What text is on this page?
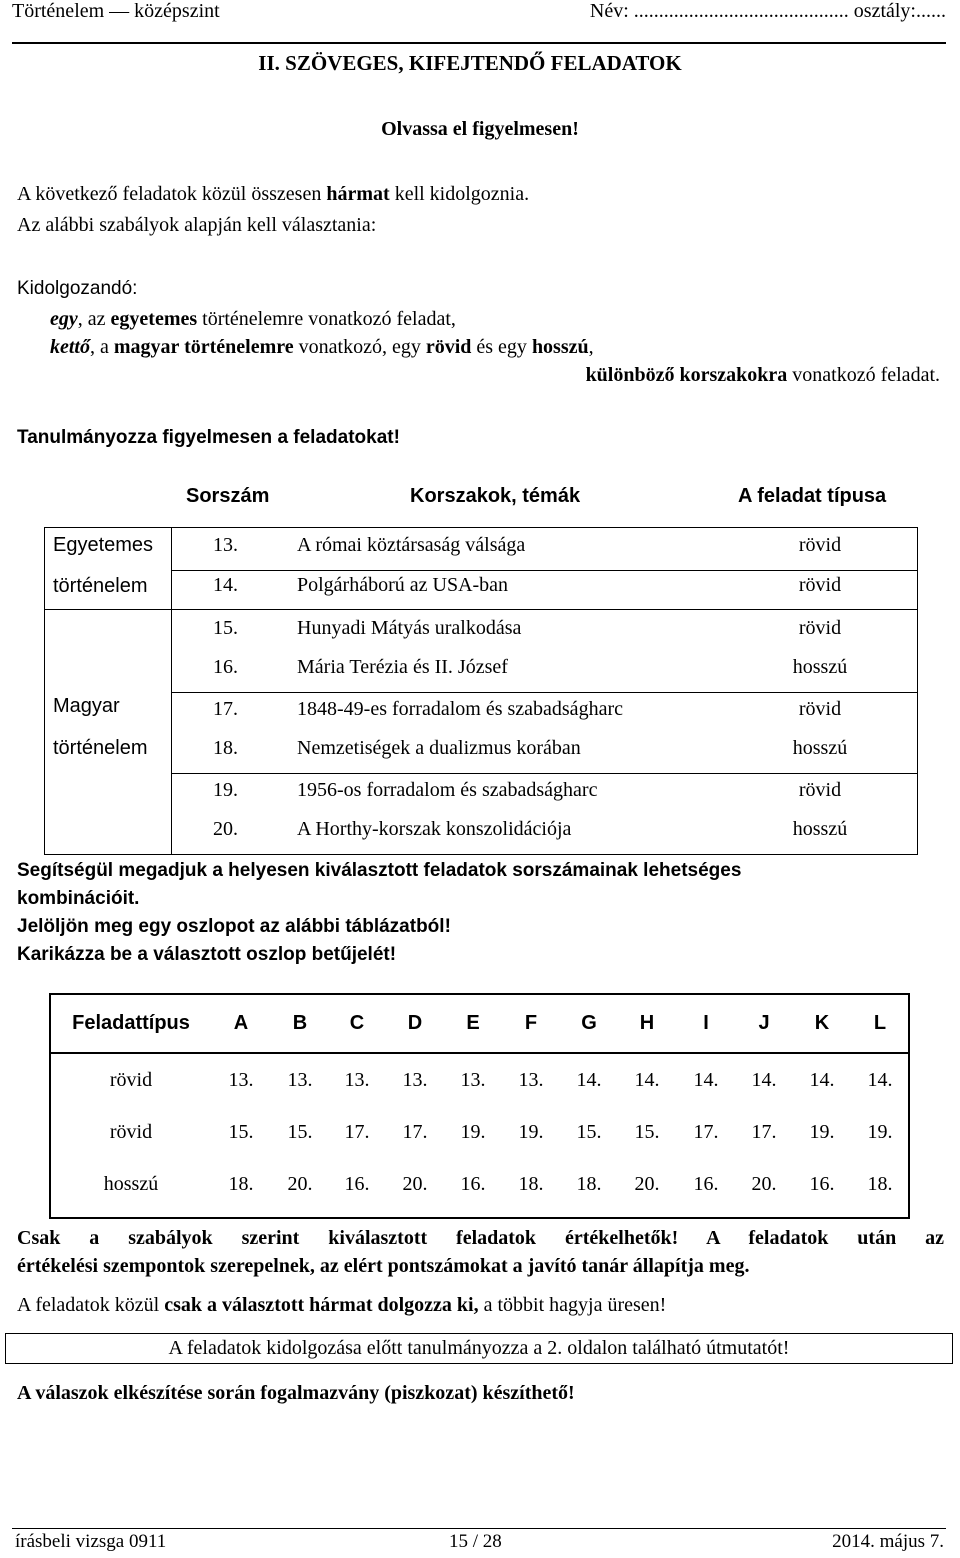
Történelem — középszint	Név: ........................................... osztály:......
II. SZÖVEGES, KIFEJTENDŐ FELADATOK
Olvassa el figyelmesen!
A következő feladatok közül összesen hármat kell kidolgoznia.
Az alábbi szabályok alapján kell választania:
Kidolgozandó:
egy, az egyetemes történelemre vonatkozó feladat,
kettő, a magyar történelemre vonatkozó, egy rövid és egy hosszú,
különböző korszakokra vonatkozó feladat.
Tanulmányozza figyelmesen a feladatokat!
Sorszám	Korszakok, témák	A feladat típusa
Egyetemes
történelem
Magyar
történelem
13.	A római köztársaság válsága	rövid
14.	Polgárháború az USA-ban	rövid
15.	Hunyadi Mátyás uralkodása	rövid
16.	Mária Terézia és II. József	hosszú
17.	1848-49-es forradalom és szabadságharc	rövid
18.	Nemzetiségek a dualizmus korában	hosszú
19.	1956-os forradalom és szabadságharc	rövid
20.	A Horthy-korszak konszolidációja	hosszú
Segítségül megadjuk a helyesen kiválasztott feladatok sorszámainak lehetséges
kombinációit.
Jelöljön meg egy oszlopot az alábbi táblázatból!
Karikázza be a választott oszlop betűjelét!
Feladattípus A B C D E F G H I J K L
rövid	13. 13. 13. 13. 13. 13. 14. 14. 14. 14. 14. 14.
rövid	15. 15. 17. 17. 19. 19. 15. 15. 17. 17. 19. 19.
hosszú	18. 20. 16. 20. 16. 18. 18. 20. 16. 20. 16. 18.
Csak a szabályok szerint kiválasztott feladatok értékelhetők! A feladatok után az
értékelési szempontok szerepelnek, az elért pontszámokat a javító tanár állapítja meg.
A feladatok közül csak a választott hármat dolgozza ki, a többit hagyja üresen!
A feladatok kidolgozása előtt tanulmányozza a 2. oldalon található útmutatót!
A válaszok elkészítése során fogalmazvány (piszkozat) készíthető!
írásbeli vizsga 0911	15 / 28	2014. május 7.
